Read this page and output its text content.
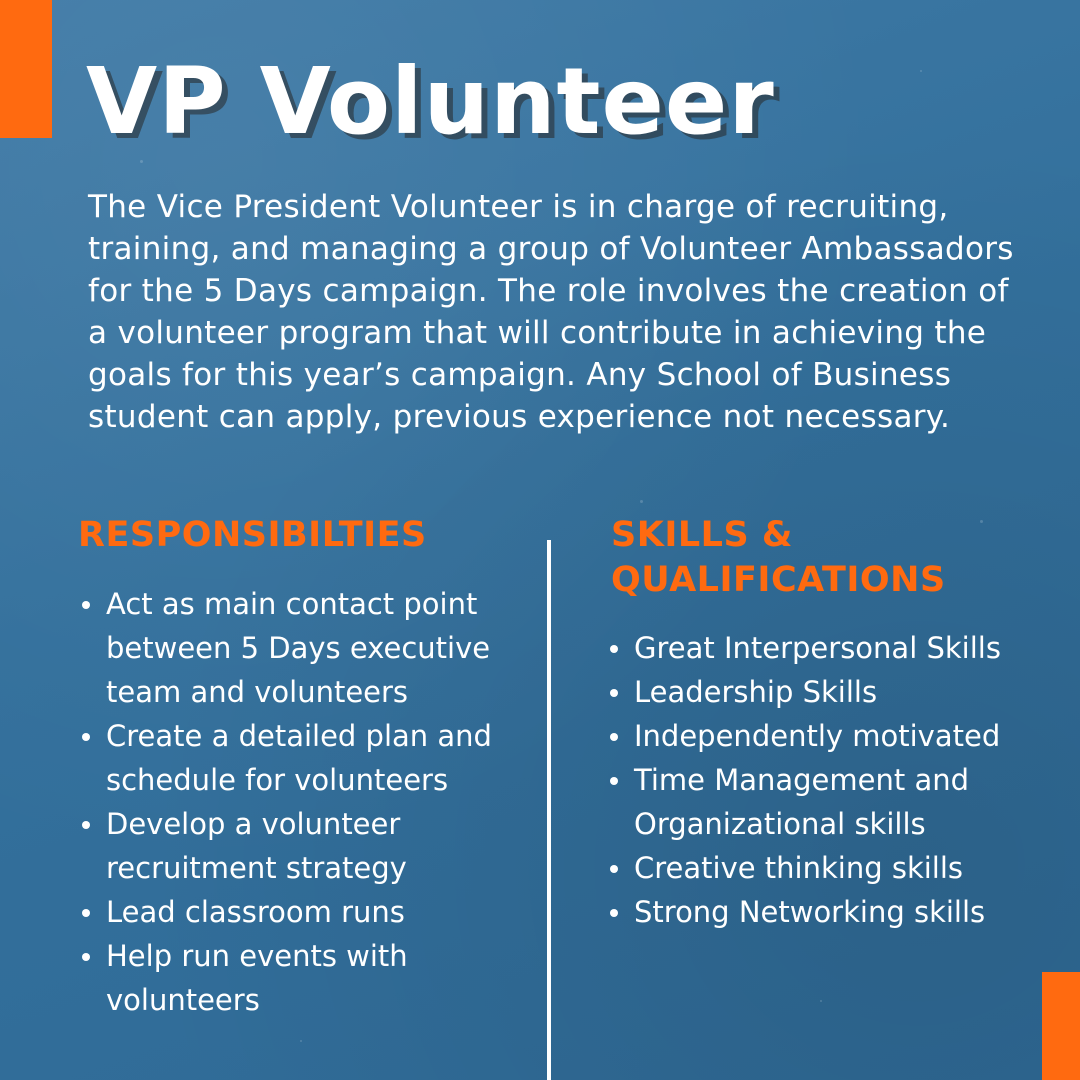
VP Volunteer

The Vice President Volunteer is in charge of recruiting, training, and managing a group of Volunteer Ambassadors for the 5 Days campaign. The role involves the creation of a volunteer program that will contribute in achieving the goals for this year’s campaign. Any School of Business student can apply, previous experience not necessary.

RESPONSIBILTIES	SKILLS & QUALIFICATIONS
Act as main contact point between 5 Days executive team and volunteers
Create a detailed plan and schedule for volunteers
Develop a volunteer recruitment strategy
Lead classroom runs
Help run events with volunteers
Great Interpersonal Skills
Leadership Skills
Independently motivated
Time Management and Organizational skills
Creative thinking skills
Strong Networking skills
